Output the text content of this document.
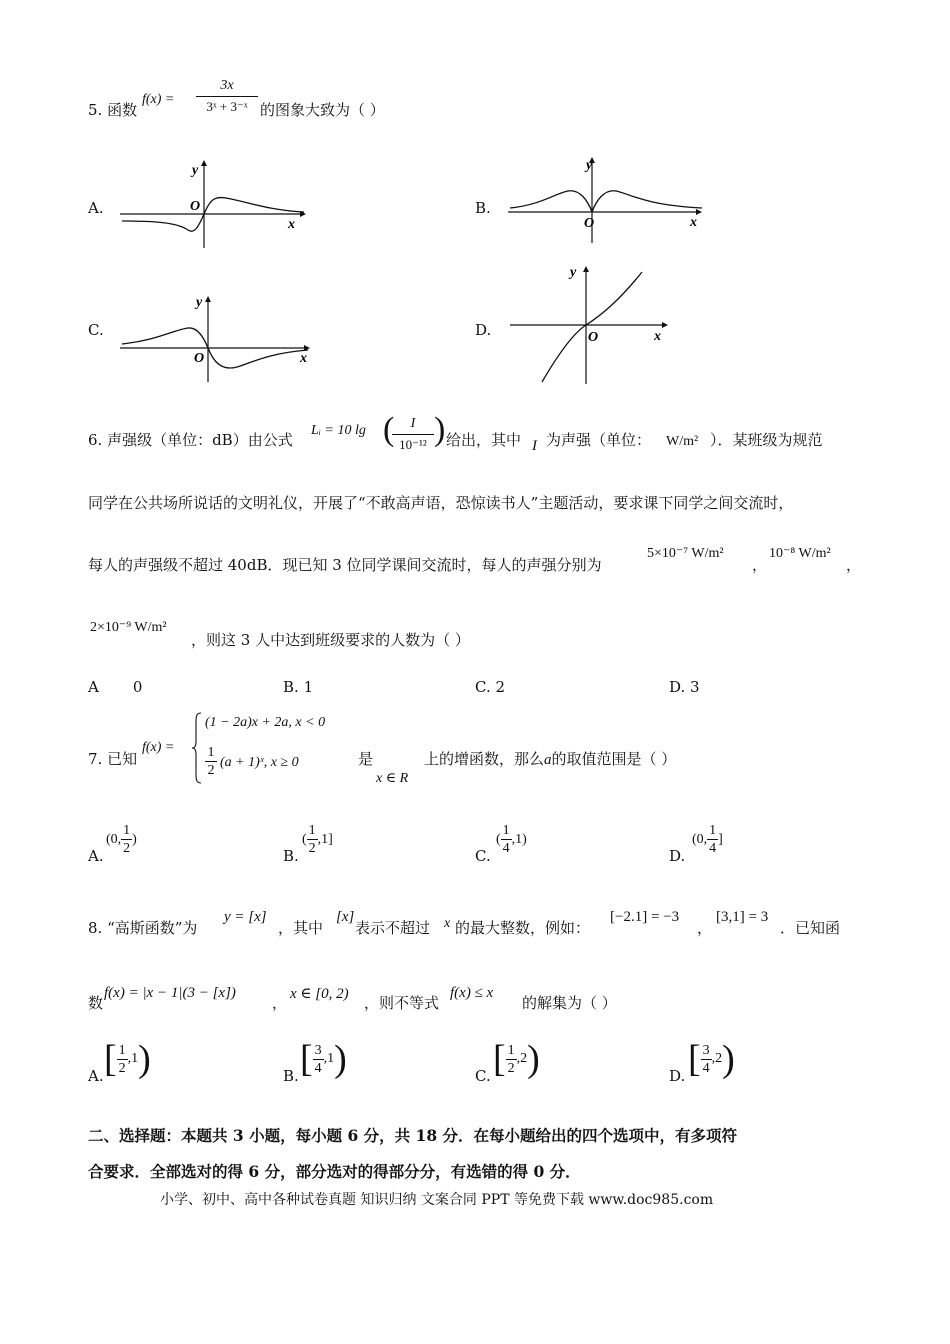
5. 函数
$f(x) = \frac{3x}{\text{3ˣ + 3⁻ˣ}}$ 的图象大致为（ ）
A.	B.
C.	D.
y
x
O
y
x
O
y
x
O
y
x
O
6. 声强级（单位：dB）由公式
Lᵢ = 10 lg (
$\frac{I}{\text{10⁻¹²}}$ ) 给出，其中 I 为声强（单位： W/m² ）．某班级为规范
同学在公共场所说话的文明礼仪，开展了“不敢高声语，恐惊读书人”主题活动，要求课下同学之间交流时，
每人的声强级不超过 40dB．现已知 3 位同学课间交流时，每人的声强分别为
5×10⁻⁷ W/m²
，
10⁻⁸ W/m²
，
2×10⁻⁹ W/m²
，则这 3 人中达到班级要求的人数为（ ）
A 0	B. 1	C. 2	D. 3
7. 已知
f(x) =
(1 − 2a)x + 2a, x < 0
$\frac{1}{2} (a$ + 1)ˣ, x ≥ 0	是
x ∈ R
上的增函数，那么a的取值范围是（ ）
A.
(0, $\frac{1}{2}$ )
B.
( $\frac{1}{2} ,1$]
C.
( $\frac{1}{4} ,1$)
D.
(0, $\frac{1}{4}$ ]
8. “高斯函数”为
y = [x]
，其中
[x]
表示不超过 x 的最大整数，例如：
[−2.1] = −3
，
[3,1] = 3
．已知函
数
f(x) = |x − 1|(3 − [x])
， x ∈ [0, 2) ，则不等式
f(x) ≤ x
的解集为（ ）
A. [ $\frac{1}{2} ,1$ )	B. [ $\frac{3}{4} ,1$ )	C. [ $\frac{1}{2} ,2$ )	D. [ $\frac{3}{4} ,2$ )
二、选择题：本题共 3 小题，每小题 6 分，共 18 分．在每小题给出的四个选项中，有多项符
合要求．全部选对的得 6 分，部分选对的得部分分，有选错的得 0 分．
小学、初中、高中各种试卷真题 知识归纳 文案合同 PPT 等免费下载 www.doc985.com
